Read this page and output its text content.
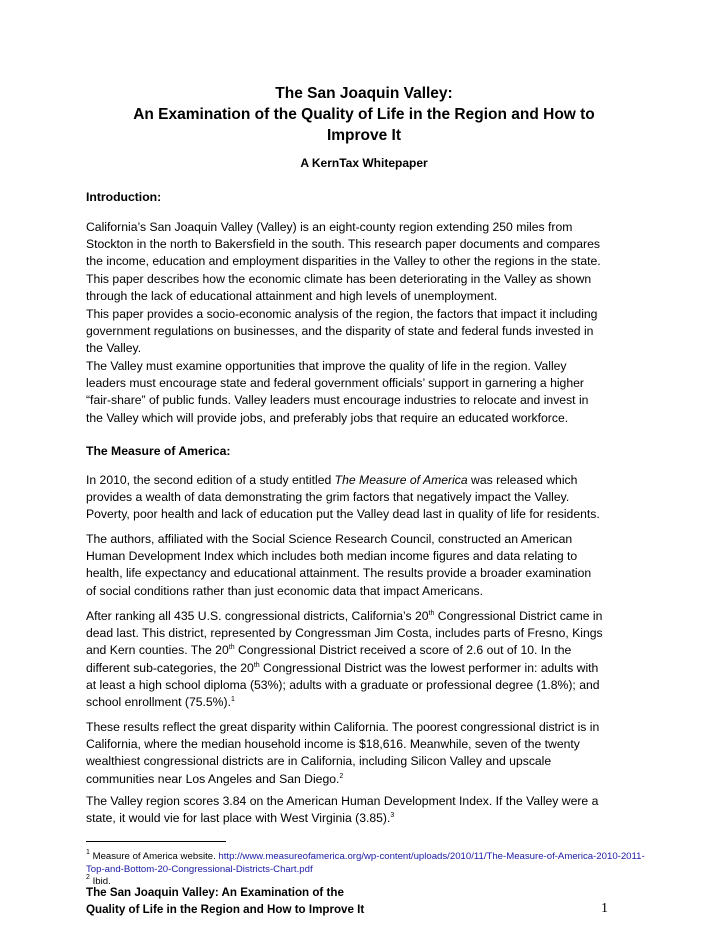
The San Joaquin Valley:
An Examination of the Quality of Life in the Region and How to
Improve It
A KernTax Whitepaper
Introduction:
California’s San Joaquin Valley (Valley) is an eight-county region extending 250 miles from
Stockton in the north to Bakersfield in the south. This research paper documents and compares
the income, education and employment disparities in the Valley to other the regions in the state.
This paper describes how the economic climate has been deteriorating in the Valley as shown
through the lack of educational attainment and high levels of unemployment.
This paper provides a socio-economic analysis of the region, the factors that impact it including
government regulations on businesses, and the disparity of state and federal funds invested in
the Valley.
The Valley must examine opportunities that improve the quality of life in the region. Valley
leaders must encourage state and federal government officials’ support in garnering a higher
“fair-share” of public funds. Valley leaders must encourage industries to relocate and invest in
the Valley which will provide jobs, and preferably jobs that require an educated workforce.
The Measure of America:
In 2010, the second edition of a study entitled The Measure of America was released which
provides a wealth of data demonstrating the grim factors that negatively impact the Valley.
Poverty, poor health and lack of education put the Valley dead last in quality of life for residents.
The authors, affiliated with the Social Science Research Council, constructed an American
Human Development Index which includes both median income figures and data relating to
health, life expectancy and educational attainment. The results provide a broader examination
of social conditions rather than just economic data that impact Americans.
After ranking all 435 U.S. congressional districts, California’s 20th Congressional District came in
dead last. This district, represented by Congressman Jim Costa, includes parts of Fresno, Kings
and Kern counties. The 20th Congressional District received a score of 2.6 out of 10. In the
different sub-categories, the 20th Congressional District was the lowest performer in: adults with
at least a high school diploma (53%); adults with a graduate or professional degree (1.8%); and
school enrollment (75.5%).$^1$
These results reflect the great disparity within California. The poorest congressional district is in
California, where the median household income is $18,616. Meanwhile, seven of the twenty
wealthiest congressional districts are in California, including Silicon Valley and upscale
communities near Los Angeles and San Diego.$^2$
The Valley region scores 3.84 on the American Human Development Index. If the Valley were a
state, it would vie for last place with West Virginia (3.85).$^3$
$^1$ Measure of America website. http://www.measureofamerica.org/wp-content/uploads/2010/11/The-Measure-of-America-2010-2011-
Top-and-Bottom-20-Congressional-Districts-Chart.pdf
$^2$ Ibid.
The San Joaquin Valley: An Examination of the
Quality of Life in the Region and How to Improve It	1
